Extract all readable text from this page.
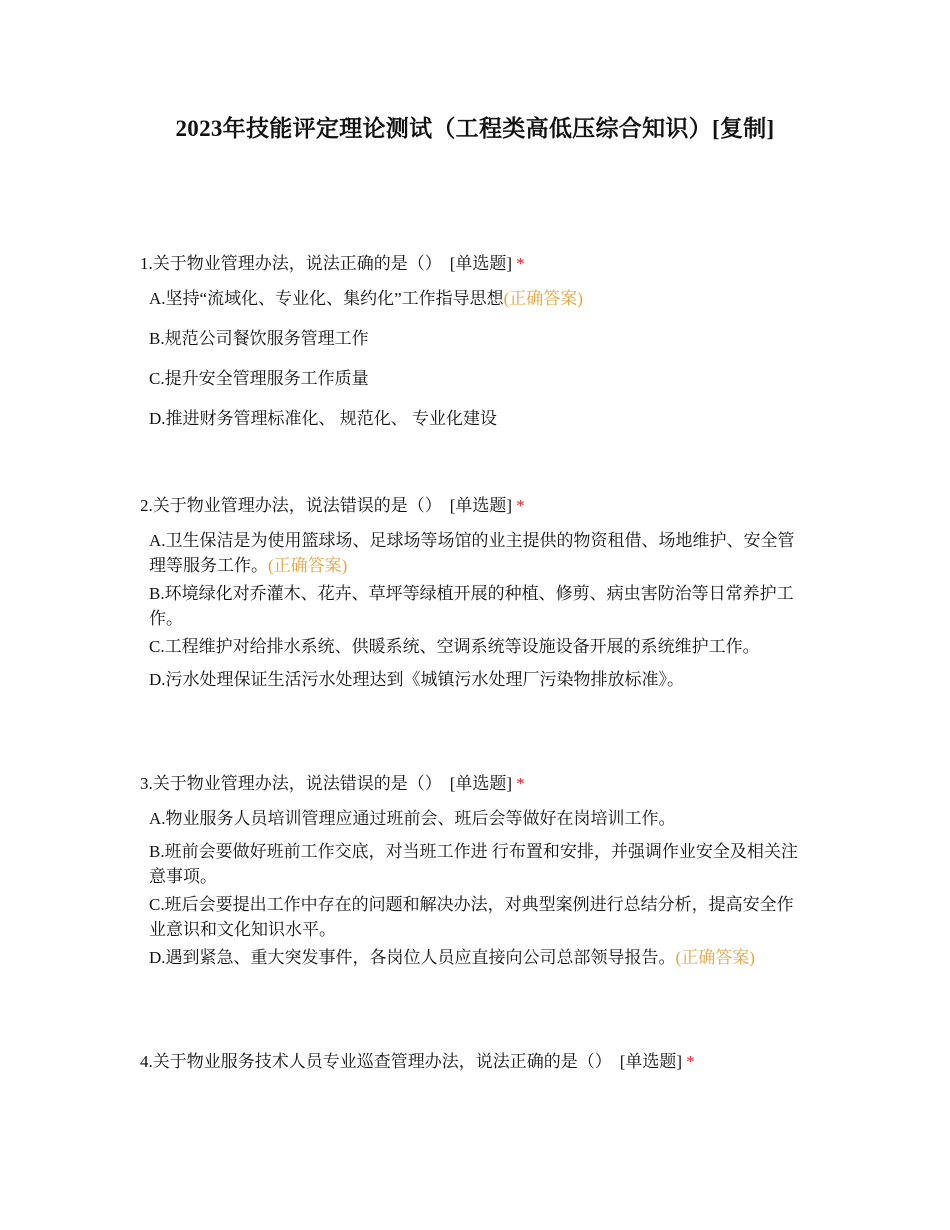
2023年技能评定理论测试（工程类高低压综合知识）[复制]
1.关于物业管理办法，说法正确的是（） [单选题] *
A.坚持“流域化、专业化、集约化”工作指导思想(正确答案)
B.规范公司餐饮服务管理工作
C.提升安全管理服务工作质量
D.推进财务管理标准化、 规范化、 专业化建设
2.关于物业管理办法，说法错误的是（） [单选题] *
A.卫生保洁是为使用篮球场、足球场等场馆的业主提供的物资租借、场地维护、安全管理等服务工作。(正确答案)
B.环境绿化对乔灌木、花卉、草坪等绿植开展的种植、修剪、病虫害防治等日常养护工作。
C.工程维护对给排水系统、供暖系统、空调系统等设施设备开展的系统维护工作。
D.污水处理保证生活污水处理达到《城镇污水处理厂污染物排放标准》。
3.关于物业管理办法，说法错误的是（） [单选题] *
A.物业服务人员培训管理应通过班前会、班后会等做好在岗培训工作。
B.班前会要做好班前工作交底，对当班工作进 行布置和安排，并强调作业安全及相关注意事项。
C.班后会要提出工作中存在的问题和解决办法，对典型案例进行总结分析，提高安全作业意识和文化知识水平。
D.遇到紧急、重大突发事件，各岗位人员应直接向公司总部领导报告。(正确答案)
4.关于物业服务技术人员专业巡查管理办法，说法正确的是（） [单选题] *
